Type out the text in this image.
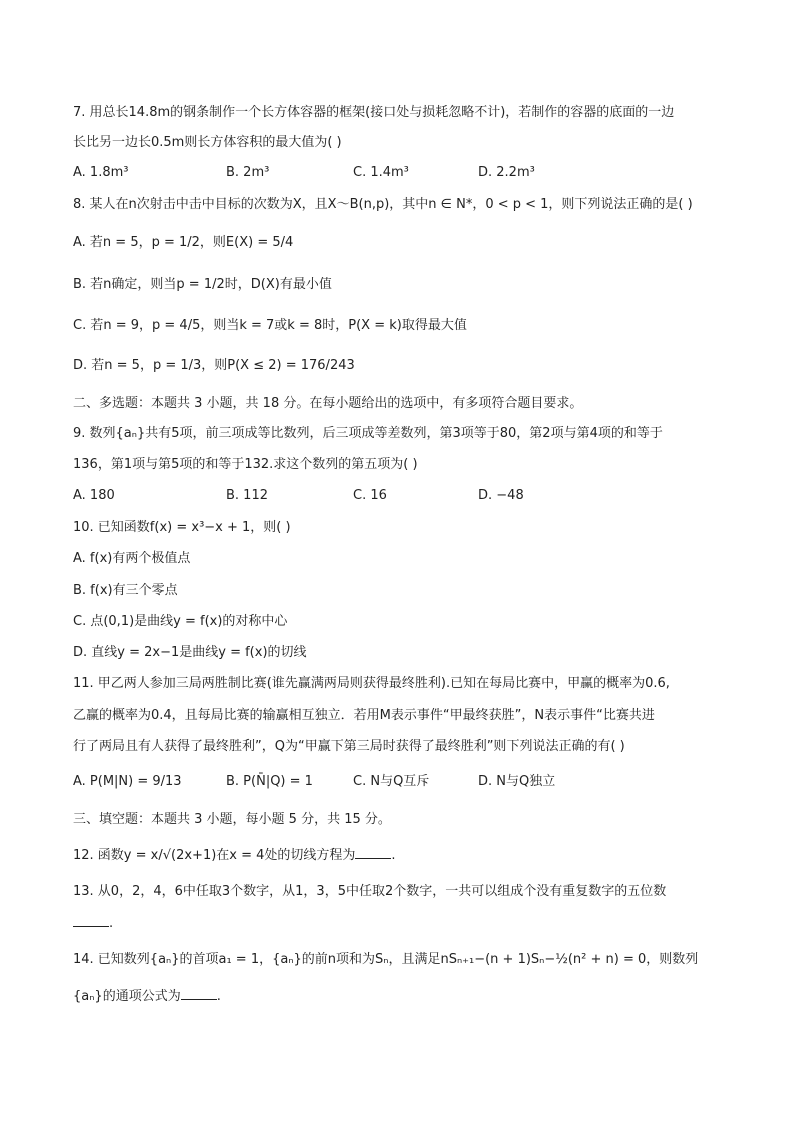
7. 用总长14.8m的钢条制作一个长方体容器的框架(接口处与损耗忽略不计)，若制作的容器的底面的一边
长比另一边长0.5m则长方体容积的最大值为( )
A. 1.8m³	B. 2m³	C. 1.4m³	D. 2.2m³
8. 某人在n次射击中击中目标的次数为X，且X～B(n,p)，其中n ∈ N*，0 < p < 1，则下列说法正确的是( )
A. 若n = 5，p = 1/2，则E(X) = 5/4
B. 若n确定，则当p = 1/2时，D(X)有最小值
C. 若n = 9，p = 4/5，则当k = 7或k = 8时，P(X = k)取得最大值
D. 若n = 5，p = 1/3，则P(X ≤ 2) = 176/243
二、多选题：本题共 3 小题，共 18 分。在每小题给出的选项中，有多项符合题目要求。
9. 数列{aₙ}共有5项，前三项成等比数列，后三项成等差数列，第3项等于80，第2项与第4项的和等于
136，第1项与第5项的和等于132.求这个数列的第五项为( )
A. 180	B. 112	C. 16	D. −48
10. 已知函数f(x) = x³−x + 1，则( )
A. f(x)有两个极值点
B. f(x)有三个零点
C. 点(0,1)是曲线y = f(x)的对称中心
D. 直线y = 2x−1是曲线y = f(x)的切线
11. 甲乙两人参加三局两胜制比赛(谁先赢满两局则获得最终胜利).已知在每局比赛中，甲赢的概率为0.6,
乙赢的概率为0.4，且每局比赛的输赢相互独立．若用M表示事件“甲最终获胜”，N表示事件“比赛共进
行了两局且有人获得了最终胜利”，Q为“甲赢下第三局时获得了最终胜利”则下列说法正确的有( )
A. P(M|N) = 9/13	B. P(N̄|Q) = 1	C. N与Q互斥	D. N与Q独立
三、填空题：本题共 3 小题，每小题 5 分，共 15 分。
12. 函数y = x/√(2x+1)在x = 4处的切线方程为	.
13. 从0，2，4，6中任取3个数字，从1，3，5中任取2个数字，一共可以组成个没有重复数字的五位数
.
14. 已知数列{aₙ}的首项a₁ = 1，{aₙ}的前n项和为Sₙ，且满足nSₙ₊₁−(n + 1)Sₙ−½(n² + n) = 0，则数列
{aₙ}的通项公式为	.
